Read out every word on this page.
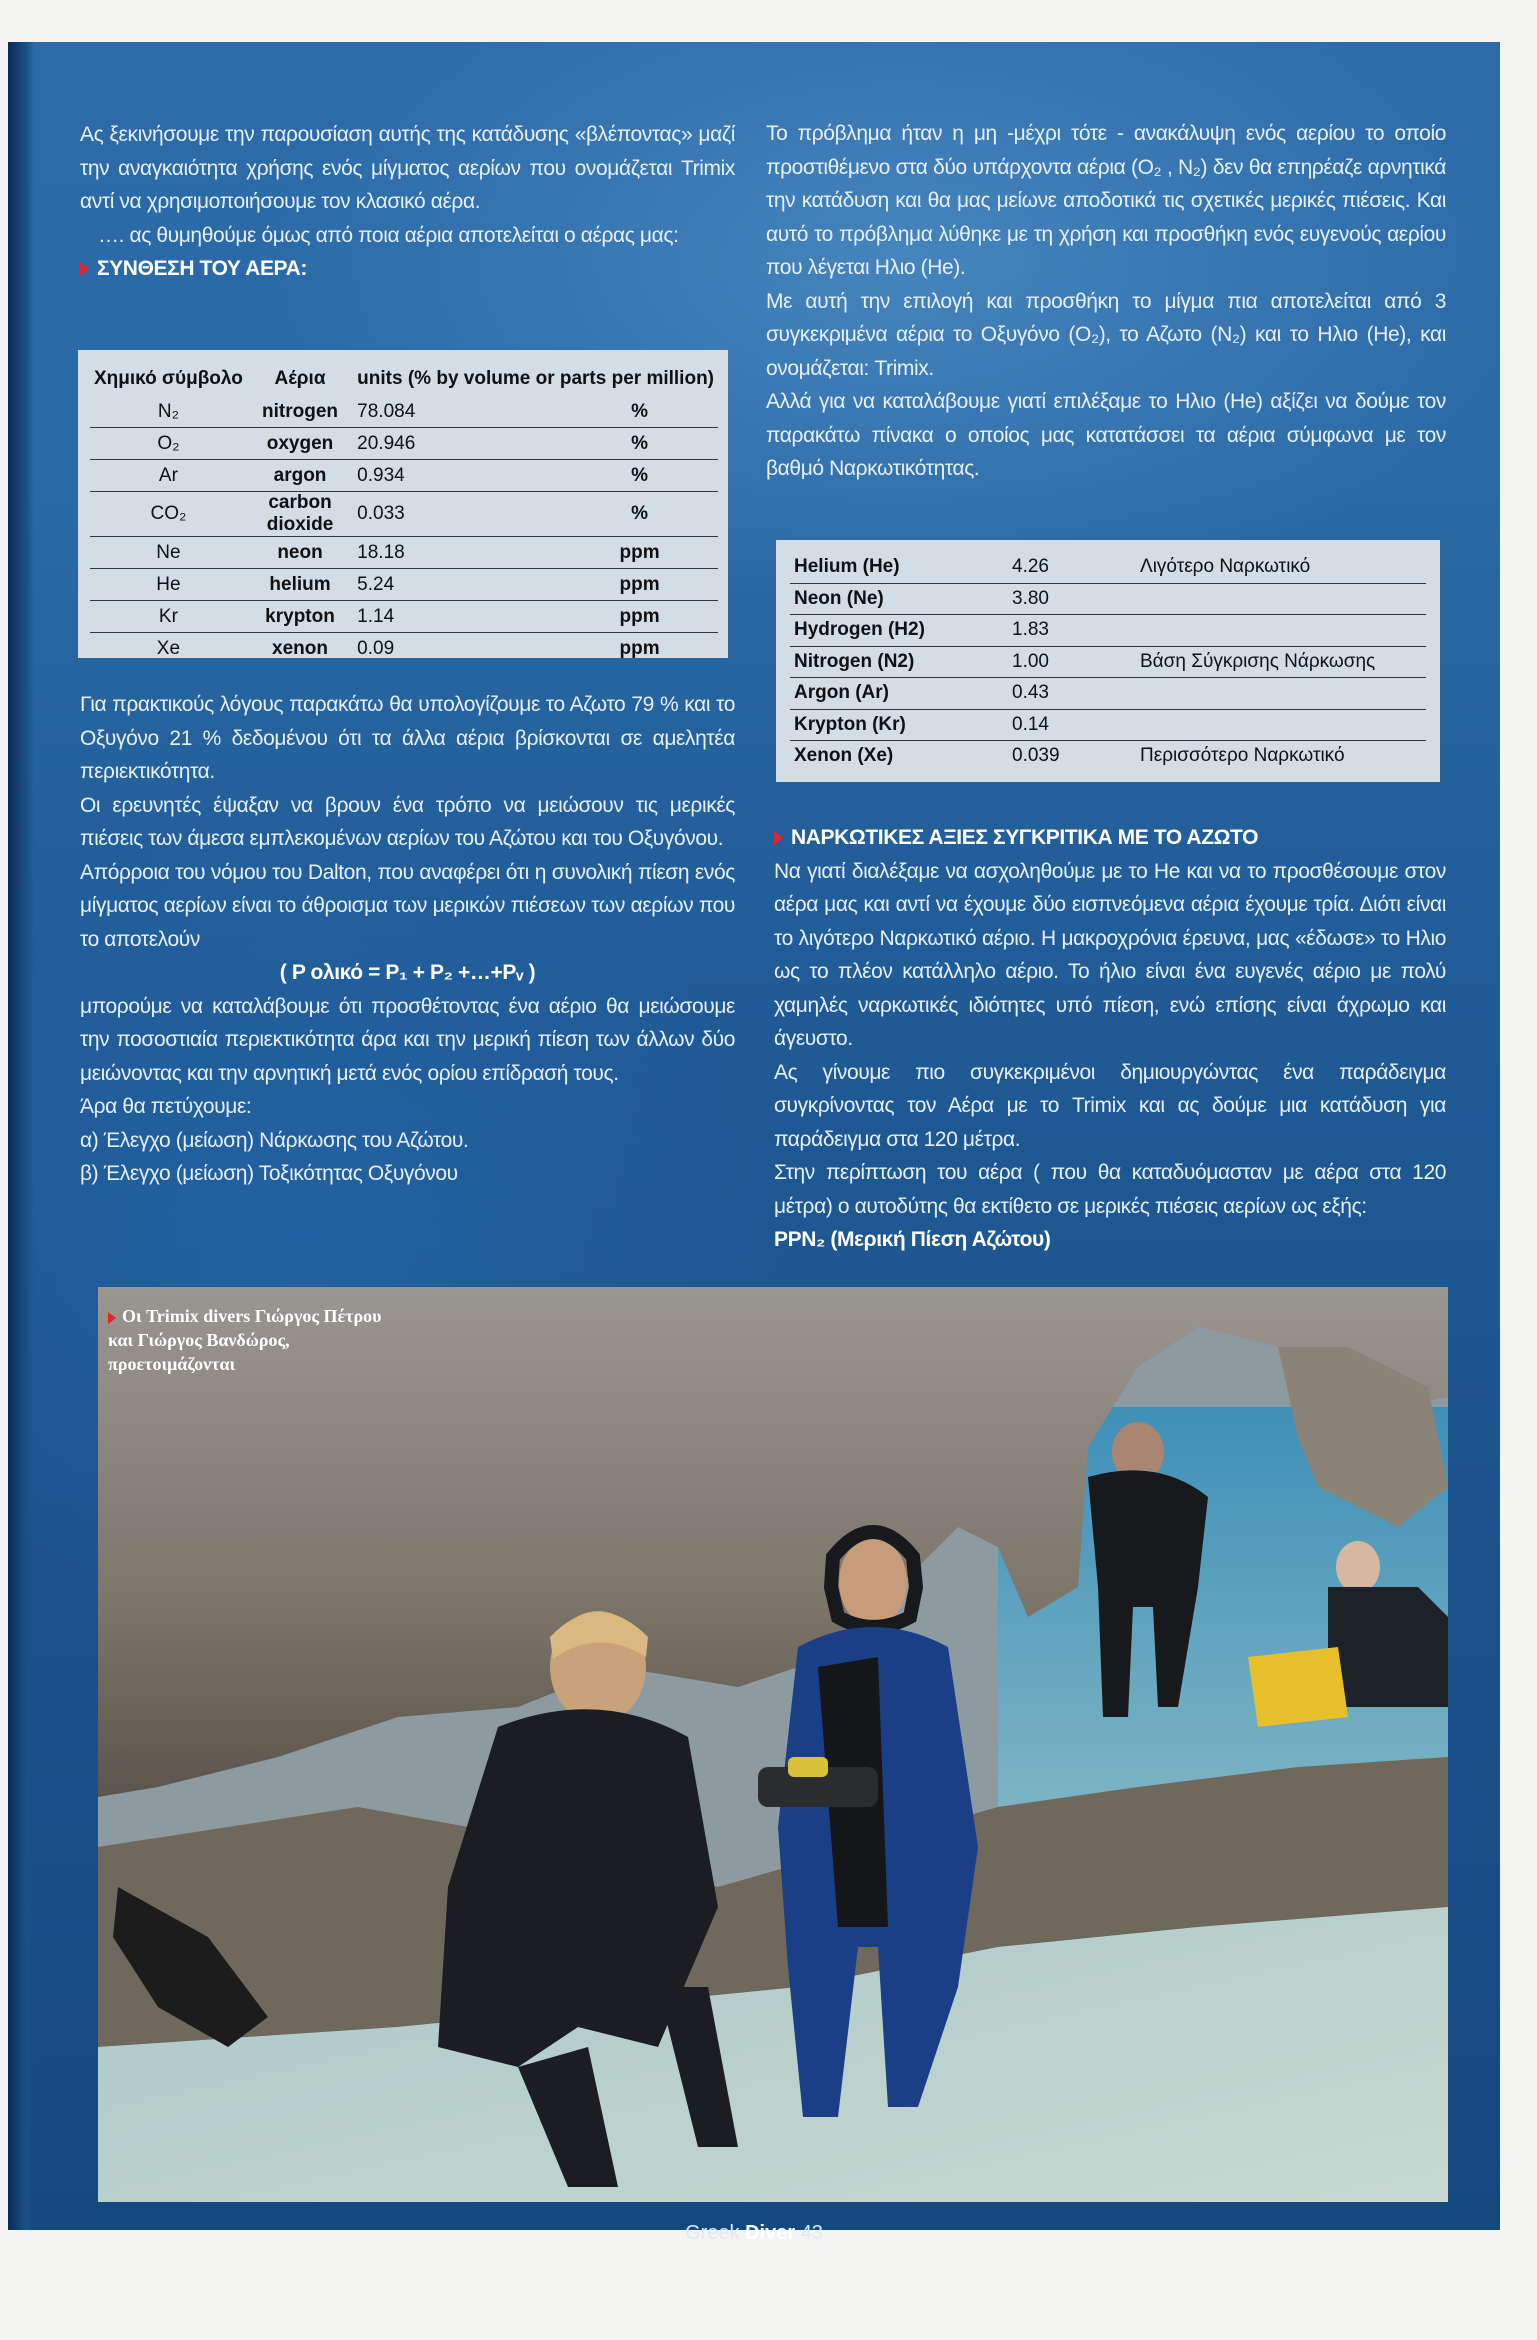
Ας ξεκινήσουμε την παρουσίαση αυτής της κατάδυσης «βλέποντας» μαζί την αναγκαιότητα χρήσης ενός μίγματος αερίων που ονομάζεται Trimix αντί να χρησιμοποιήσουμε τον κλασικό αέρα.

…. ας θυμηθούμε όμως από ποια αέρια αποτελείται ο αέρας μας:

ΣΥΝΘΕΣΗ ΤΟΥ ΑΕΡΑ:

Χημικό σύμβολο	Αέρια	units (% by volume or parts per million)	
N₂	nitrogen	78.084	%
O₂	oxygen	20.946	%
Ar	argon	0.934	%
CO₂	carbon dioxide	0.033	%
Ne	neon	18.18	ppm
He	helium	5.24	ppm
Kr	krypton	1.14	ppm
Xe	xenon	0.09	ppm

Για πρακτικούς λόγους παρακάτω θα υπολογίζουμε το Αζωτο 79 % και το Οξυγόνο 21 % δεδομένου ότι τα άλλα αέρια βρίσκονται σε αμελητέα περιεκτικότητα.

Οι ερευνητές έψαξαν να βρουν ένα τρόπο να μειώσουν τις μερικές πιέσεις των άμεσα εμπλεκομένων αερίων του Αζώτου και του Οξυγόνου.

Απόρροια του νόμου του Dalton, που αναφέρει ότι η συνολική πίεση ενός μίγματος αερίων είναι το άθροισμα των μερικών πιέσεων των αερίων που το αποτελούν

( P ολικό = P₁ + P₂ +…+Pᵥ )

μπορούμε να καταλάβουμε ότι προσθέτοντας ένα αέριο θα μειώσουμε την ποσοστιαία περιεκτικότητα άρα και την μερική πίεση των άλλων δύο μειώνοντας και την αρνητική μετά ενός ορίου επίδρασή τους.

Άρα θα πετύχουμε:

α) Έλεγχο (μείωση) Νάρκωσης του Αζώτου.

β) Έλεγχο (μείωση) Τοξικότητας Οξυγόνου

Το πρόβλημα ήταν η μη -μέχρι τότε - ανακάλυψη ενός αερίου το οποίο προστιθέμενο στα δύο υπάρχοντα αέρια (O₂ , N₂) δεν θα επηρέαζε αρνητικά την κατάδυση και θα μας μείωνε αποδοτικά τις σχετικές μερικές πιέσεις. Και αυτό το πρόβλημα λύθηκε με τη χρήση και προσθήκη ενός ευγενούς αερίου που λέγεται Ηλιο (He).

Με αυτή την επιλογή και προσθήκη το μίγμα πια αποτελείται από 3 συγκεκριμένα αέρια το Οξυγόνο (O₂), το Αζωτο (N₂) και το Ηλιο (He), και ονομάζεται: Trimix.

Αλλά για να καταλάβουμε γιατί επιλέξαμε το Ηλιο (He) αξίζει να δούμε τον παρακάτω πίνακα ο οποίος μας κατατάσσει τα αέρια σύμφωνα με τον βαθμό Ναρκωτικότητας.

Helium (He)	4.26	Λιγότερο Ναρκωτικό
Neon (Ne)	3.80	
Hydrogen (H2)	1.83	
Nitrogen (N2)	1.00	Βάση Σύγκρισης Νάρκωσης
Argon (Ar)	0.43	
Krypton (Kr)	0.14	
Xenon (Xe)	0.039	Περισσότερο Ναρκωτικό

ΝΑΡΚΩΤΙΚΕΣ ΑΞΙΕΣ ΣΥΓΚΡΙΤΙΚΑ ΜΕ ΤΟ ΑΖΩΤΟ

Να γιατί διαλέξαμε να ασχοληθούμε με το He και να το προσθέσουμε στον αέρα μας και αντί να έχουμε δύο εισπνεόμενα αέρια έχουμε τρία. Διότι είναι το λιγότερο Ναρκωτικό αέριο. Η μακροχρόνια έρευνα, μας «έδωσε» το Ηλιο ως το πλέον κατάλληλο αέριο. Το ήλιο είναι ένα ευγενές αέριο με πολύ χαμηλές ναρκωτικές ιδιότητες υπό πίεση, ενώ επίσης είναι άχρωμο και άγευστο.

Ας γίνουμε πιο συγκεκριμένοι δημιουργώντας ένα παράδειγμα συγκρίνοντας τον Αέρα με το Trimix και ας δούμε μια κατάδυση για παράδειγμα στα 120 μέτρα.

Στην περίπτωση του αέρα ( που θα καταδυόμασταν με αέρα στα 120 μέτρα) ο αυτοδύτης θα εκτίθετο σε μερικές πιέσεις αερίων ως εξής:

PPN₂ (Μερική Πίεση Αζώτου)

Οι Trimix divers Γιώργος Πέτρου και Γιώργος Βανδώρος, προετοιμάζονται
Greek Diver 43
